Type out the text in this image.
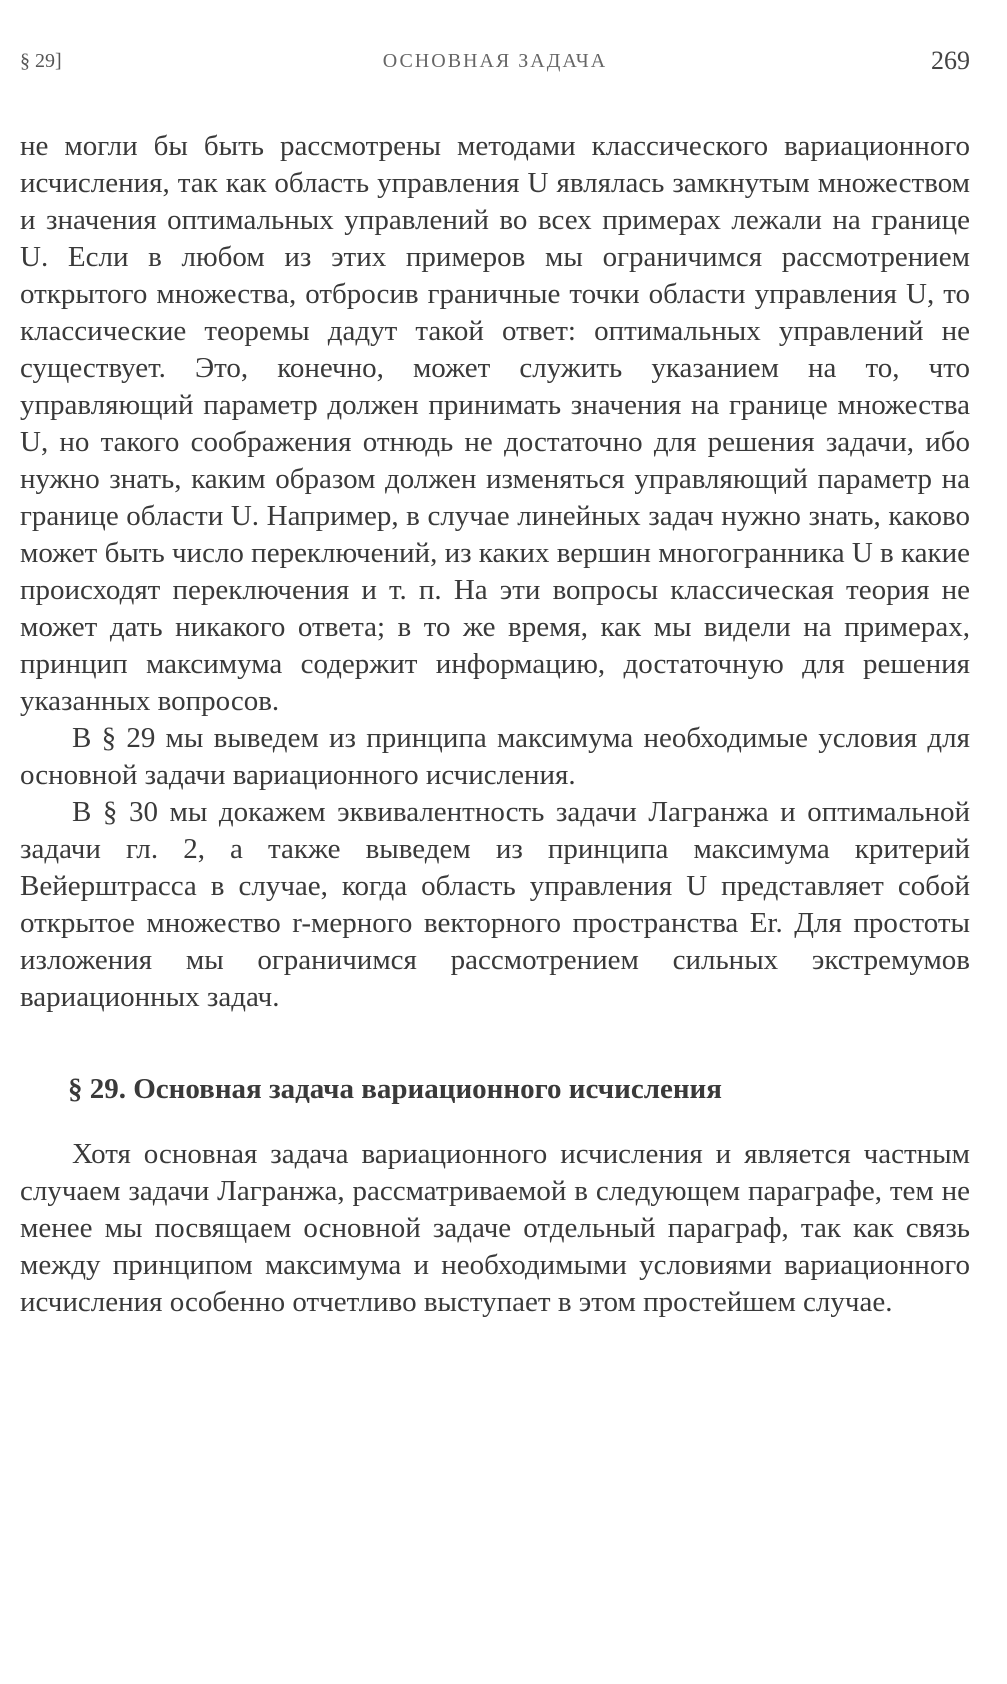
§ 29]	ОСНОВНАЯ ЗАДАЧА	269

не могли бы быть рассмотрены методами классического вариационного исчисления, так как область управления U являлась замкнутым множеством и значения оптимальных управлений во всех примерах лежали на границе U. Если в любом из этих примеров мы ограничимся рассмотрением открытого множества, отбросив граничные точки области управления U, то классические теоремы дадут такой ответ: оптимальных управлений не существует. Это, конечно, может служить указанием на то, что управляющий параметр должен принимать значения на границе множества U, но такого соображения отнюдь не достаточно для решения задачи, ибо нужно знать, каким образом должен изменяться управляющий параметр на границе области U. Например, в случае линейных задач нужно знать, каково может быть число переключений, из каких вершин многогранника U в какие происходят переключения и т. п. На эти вопросы классическая теория не может дать никакого ответа; в то же время, как мы видели на примерах, принцип максимума содержит информацию, достаточную для решения указанных вопросов.

В § 29 мы выведем из принципа максимума необходимые условия для основной задачи вариационного исчисления.

В § 30 мы докажем эквивалентность задачи Лагранжа и оптимальной задачи гл. 2, а также выведем из принципа максимума критерий Вейерштрасса в случае, когда область управления U представляет собой открытое множество r-мерного векторного пространства Er. Для простоты изложения мы ограничимся рассмотрением сильных экстремумов вариационных задач.

§ 29. Основная задача вариационного исчисления

Хотя основная задача вариационного исчисления и является частным случаем задачи Лагранжа, рассматриваемой в следующем параграфе, тем не менее мы посвящаем основной задаче отдельный параграф, так как связь между принципом максимума и необходимыми условиями вариационного исчисления особенно отчетливо выступает в этом простейшем случае.
